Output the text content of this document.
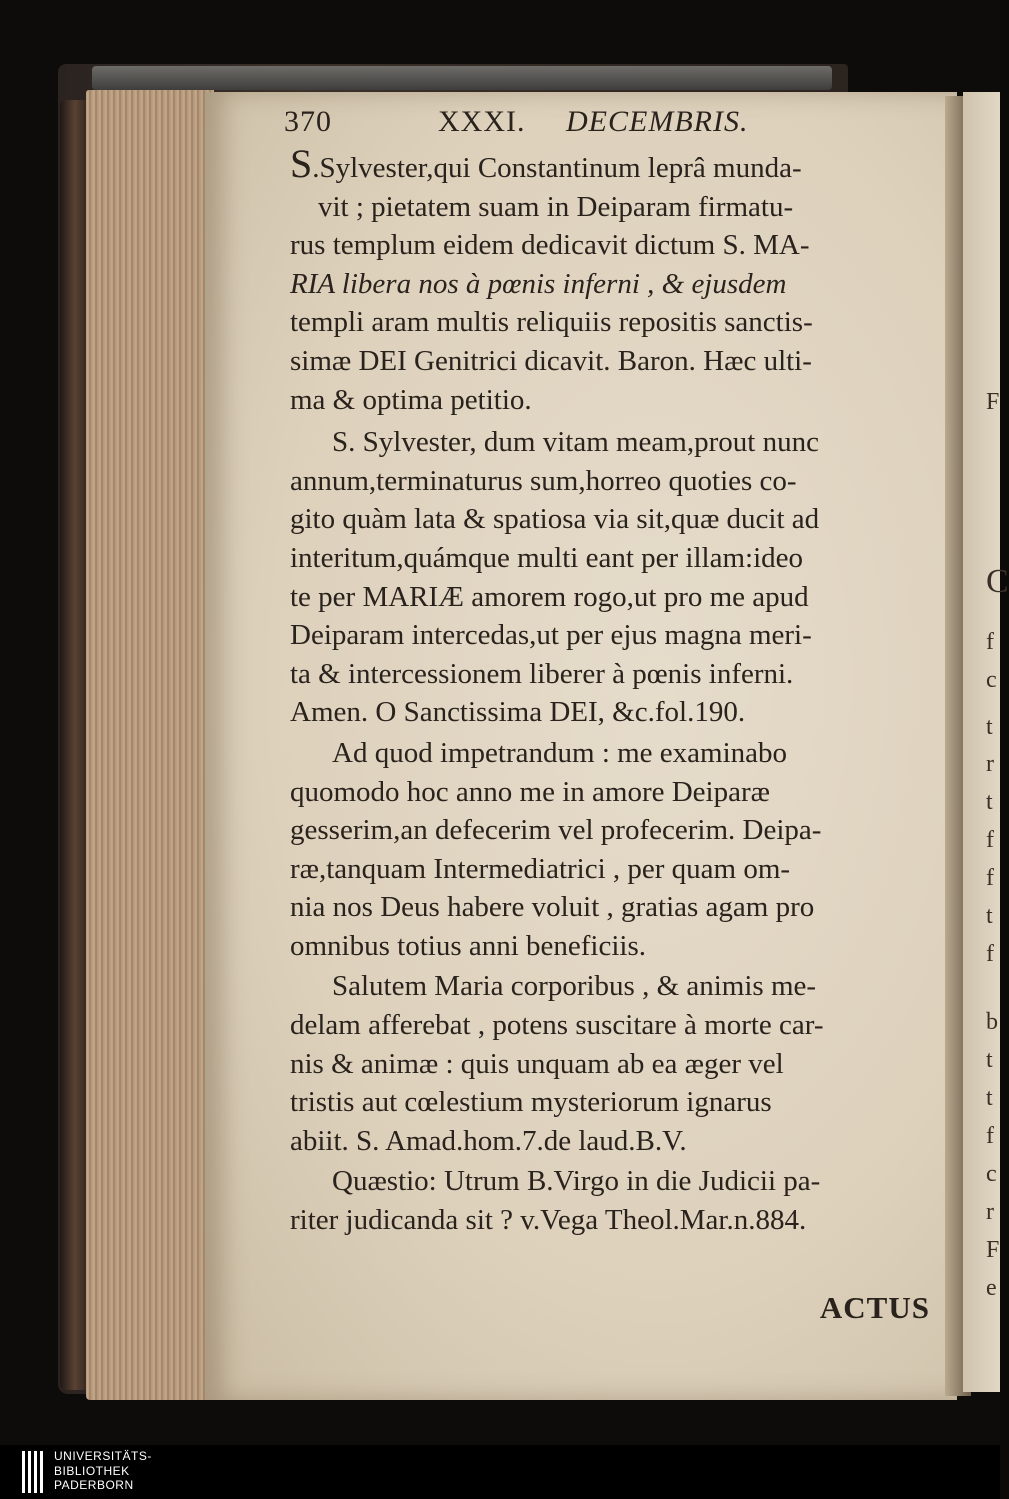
370	XXXI. DECEMBRIS.
S.Sylvester,qui Constantinum leprâ munda-
vit ; pietatem suam in Deiparam firmatu-
rus templum eidem dedicavit dictum S. MA-
RIA libera nos à pœnis inferni , & ejusdem
templi aram multis reliquiis repositis sanctis-
simæ DEI Genitrici dicavit. Baron. Hæc ulti-
ma & optima petitio.
S. Sylvester, dum vitam meam,prout nunc
annum,terminaturus sum,horreo quoties co-
gito quàm lata & spatiosa via sit,quæ ducit ad
interitum,quámque multi eant per illam:ideo
te per MARIÆ amorem rogo,ut pro me apud
Deiparam intercedas,ut per ejus magna meri-
ta & intercessionem liberer à pœnis inferni.
Amen. O Sanctissima DEI, &c.fol.190.
Ad quod impetrandum : me examinabo
quomodo hoc anno me in amore Deiparæ
gesserim,an defecerim vel profecerim. Deipa-
ræ,tanquam Intermediatrici , per quam om-
nia nos Deus habere voluit , gratias agam pro
omnibus totius anni beneficiis.
Salutem Maria corporibus , & animis me-
delam afferebat , potens suscitare à morte car-
nis & animæ : quis unquam ab ea æger vel
tristis aut cœlestium mysteriorum ignarus
abiit. S. Amad.hom.7.de laud.B.V.
Quæstio: Utrum B.Virgo in die Judicii pa-
riter judicanda sit ? v.Vega Theol.Mar.n.884.
ACTUS
F
C
f
c
t
r
t
f
f
t
f
b
t
t
f
c
r
F
e
UNIVERSITÄTS-
BIBLIOTHEK
PADERBORN
